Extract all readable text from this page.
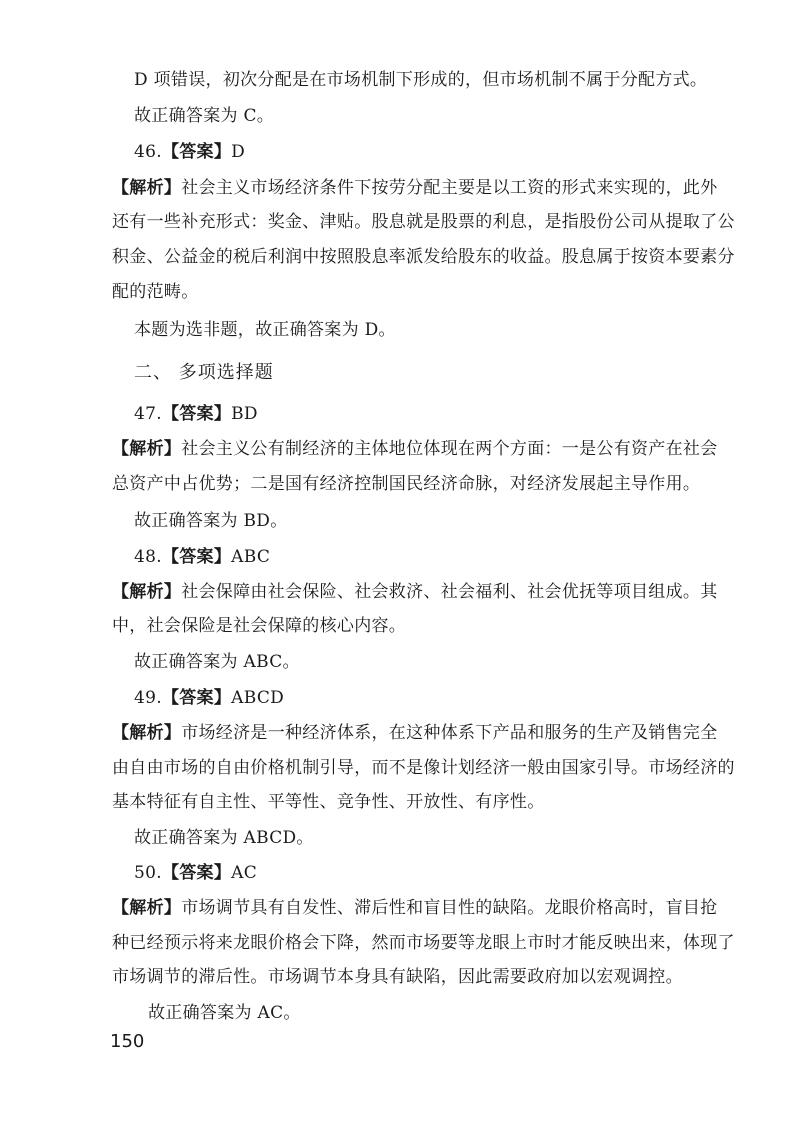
D 项错误，初次分配是在市场机制下形成的，但市场机制不属于分配方式。
故正确答案为 C。
46.【答案】D
【解析】社会主义市场经济条件下按劳分配主要是以工资的形式来实现的，此外
还有一些补充形式：奖金、津贴。股息就是股票的利息，是指股份公司从提取了公
积金、公益金的税后利润中按照股息率派发给股东的收益。股息属于按资本要素分
配的范畴。
本题为选非题，故正确答案为 D。
二、 多项选择题
47.【答案】BD
【解析】社会主义公有制经济的主体地位体现在两个方面：一是公有资产在社会
总资产中占优势；二是国有经济控制国民经济命脉，对经济发展起主导作用。
故正确答案为 BD。
48.【答案】ABC
【解析】社会保障由社会保险、社会救济、社会福利、社会优抚等项目组成。其
中，社会保险是社会保障的核心内容。
故正确答案为 ABC。
49.【答案】ABCD
【解析】市场经济是一种经济体系，在这种体系下产品和服务的生产及销售完全
由自由市场的自由价格机制引导，而不是像计划经济一般由国家引导。市场经济的
基本特征有自主性、平等性、竞争性、开放性、有序性。
故正确答案为 ABCD。
50.【答案】AC
【解析】市场调节具有自发性、滞后性和盲目性的缺陷。龙眼价格高时，盲目抢
种已经预示将来龙眼价格会下降，然而市场要等龙眼上市时才能反映出来，体现了
市场调节的滞后性。市场调节本身具有缺陷，因此需要政府加以宏观调控。
故正确答案为 AC。
150
